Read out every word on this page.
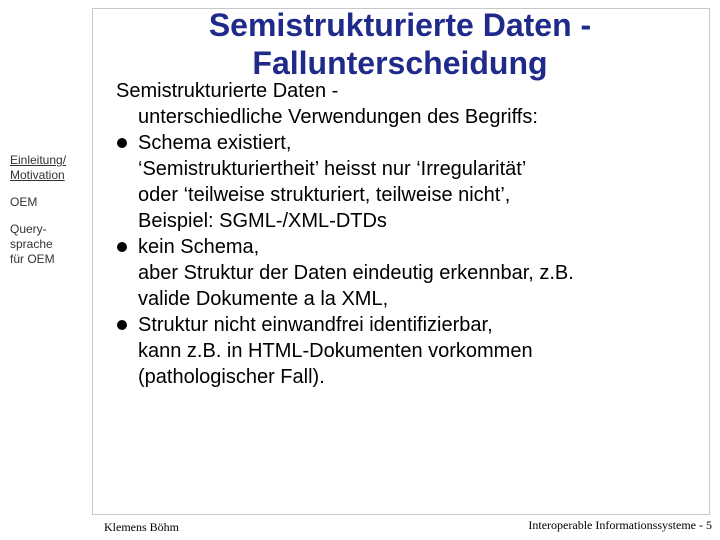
Semistrukturierte Daten -
Fallunterscheidung
Einleitung/
Motivation
OEM
Query-
sprache
für OEM
Semistrukturierte Daten -
unterschiedliche Verwendungen des Begriffs:
Schema existiert,
‘Semistrukturiertheit’ heisst nur ‘Irregularität’
oder ‘teilweise strukturiert, teilweise nicht’,
Beispiel: SGML-/XML-DTDs
kein Schema,
aber Struktur der Daten eindeutig erkennbar, z.B.
valide Dokumente a la XML,
Struktur nicht einwandfrei identifizierbar,
kann z.B. in HTML-Dokumenten vorkommen
(pathologischer Fall).
Klemens Böhm	Interoperable Informationssysteme - 5
